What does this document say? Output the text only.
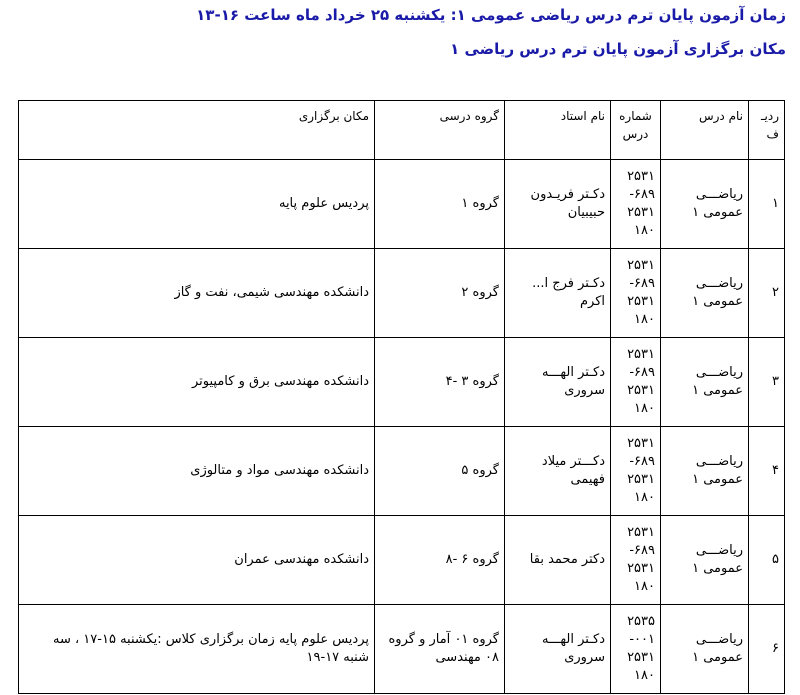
زمان آزمون پایان ترم درس ریاضی عمومی ۱: یکشنبه ۲۵ خرداد ماه ساعت ۱۶-۱۳
مکان برگزاری آزمون پایان ترم درس ریاضی ۱
ردیـ ف	نام درس	شماره درس	نام استاد	گروه درسی	مکان برگزاری
۱	ریاضـــی عمومی ۱	۲۵۳۱ ۶۸۹- ۲۵۳۱ ۱۸۰	دکـتر فریـدون حبیبیان	گروه ۱	پردیس علوم پایه
۲	ریاضـــی عمومی ۱	۲۵۳۱ ۶۸۹- ۲۵۳۱ ۱۸۰	دکـتر فرج ا... اکرم	گروه ۲	دانشکده مهندسی شیمی، نفت و گاز
۳	ریاضـــی عمومی ۱	۲۵۳۱ ۶۸۹- ۲۵۳۱ ۱۸۰	دکـتر الهـــه سروری	گروه ۳ -۴	دانشکده مهندسی برق و کامپیوتر
۴	ریاضـــی عمومی ۱	۲۵۳۱ ۶۸۹- ۲۵۳۱ ۱۸۰	دکـــتر میلاد فهیمی	گروه ۵	دانشکده مهندسی مواد و متالوژی
۵	ریاضـــی عمومی ۱	۲۵۳۱ ۶۸۹- ۲۵۳۱ ۱۸۰	دکتر محمد بقا	گروه ۶ -۸	دانشکده مهندسی عمران
۶	ریاضـــی عمومی ۱	۲۵۳۵ ۰۰۱- ۲۵۳۱ ۱۸۰	دکـتر الهـــه سروری	گروه ۰۱ آمار و گروه ۰۸ مهندسی	پردیس علوم پایه زمان برگزاری کلاس :یکشنبه ۱۵-۱۷ ، سه شنبه ۱۷-۱۹
